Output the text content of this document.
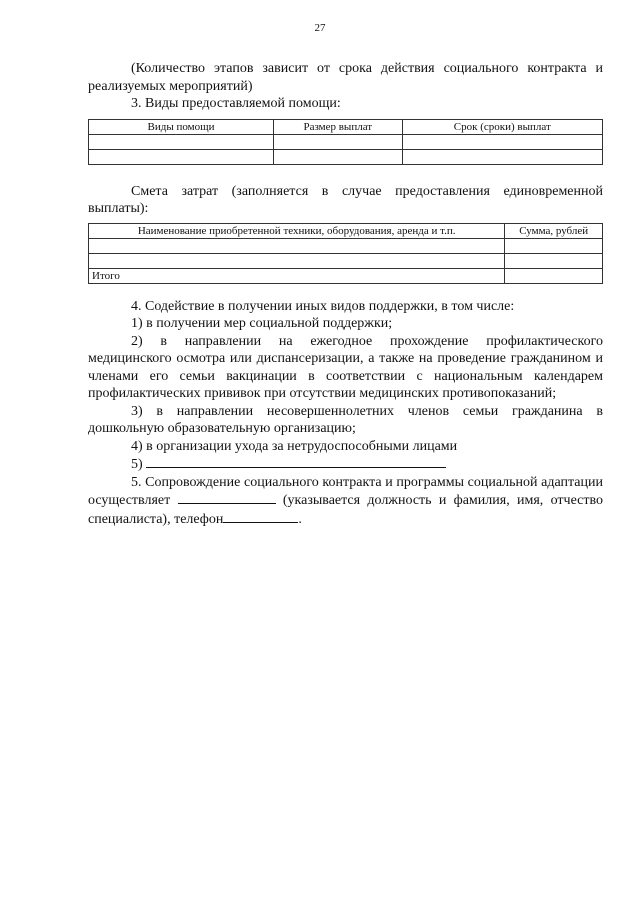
27

(Количество этапов зависит от срока действия социального контракта и реализуемых мероприятий)

3. Виды предоставляемой помощи:

Виды помощи	Размер выплат	Срок (сроки) выплат

Смета затрат (заполняется в случае предоставления единовременной выплаты):

Наименование приобретенной техники, оборудования, аренда и т.п.	Сумма, рублей

Итого	

4. Содействие в получении иных видов поддержки, в том числе:

1) в получении мер социальной поддержки;

2) в направлении на ежегодное прохождение профилактического медицинского осмотра или диспансеризации, а также на проведение гражданином и членами его семьи вакцинации в соответствии с национальным календарем профилактических прививок при отсутствии медицинских противопоказаний;

3) в направлении несовершеннолетних членов семьи гражданина в дошкольную образовательную организацию;

4) в организации ухода за нетрудоспособными лицами

5)

5. Сопровождение социального контракта и программы социальной адаптации осуществляет	(указывается должность и фамилия, имя, отчество специалиста), телефон	.
